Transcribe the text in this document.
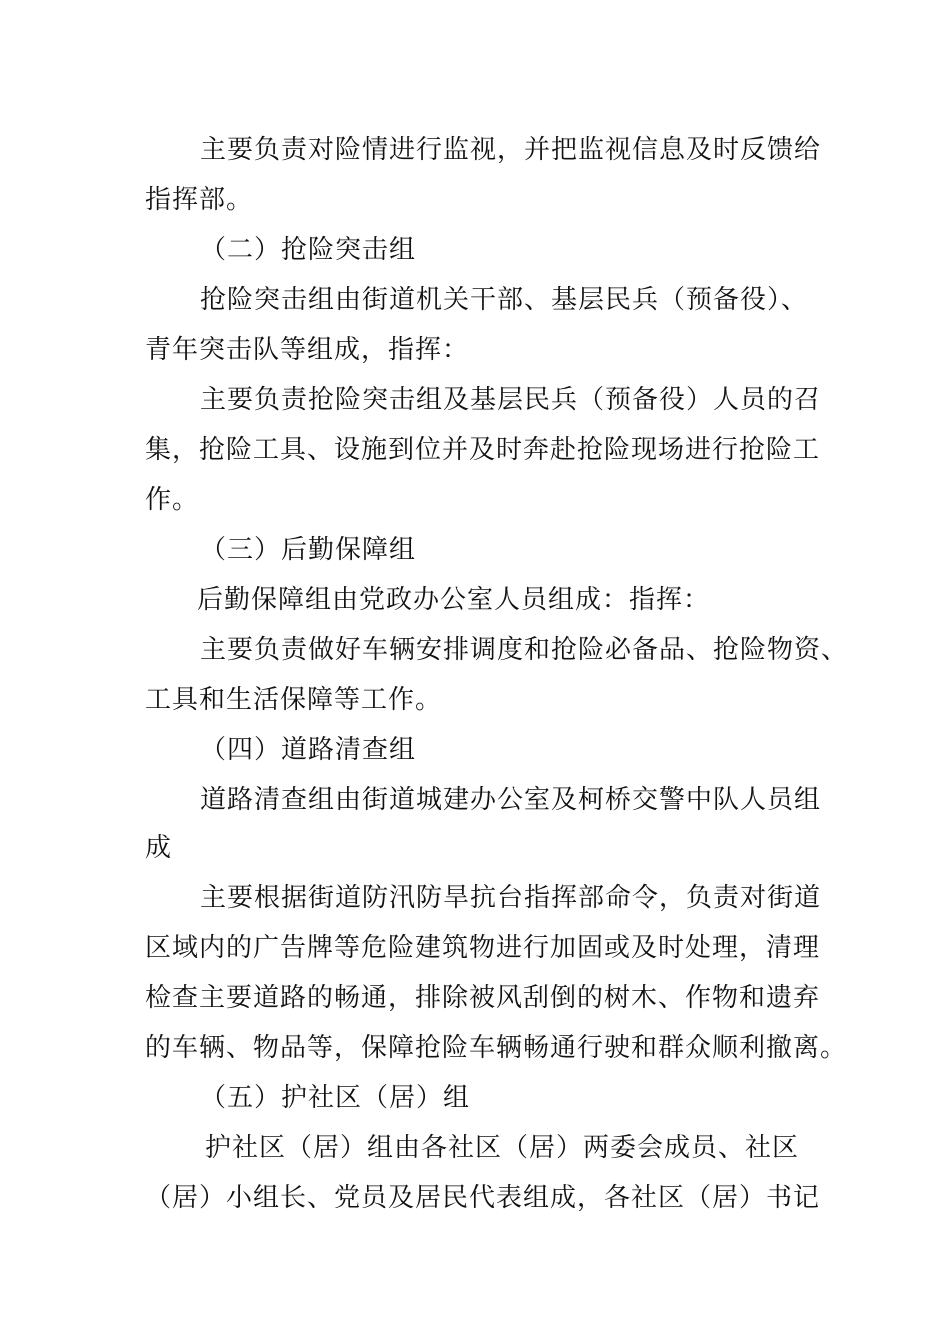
主要负责对险情进行监视，并把监视信息及时反馈给
指挥部。
（二）抢险突击组
抢险突击组由街道机关干部、基层民兵（预备役）、
青年突击队等组成，指挥：
主要负责抢险突击组及基层民兵（预备役）人员的召
集，抢险工具、设施到位并及时奔赴抢险现场进行抢险工
作。
（三）后勤保障组
后勤保障组由党政办公室人员组成：指挥：
主要负责做好车辆安排调度和抢险必备品、抢险物资、
工具和生活保障等工作。
（四）道路清查组
道路清查组由街道城建办公室及柯桥交警中队人员组
成
主要根据街道防汛防旱抗台指挥部命令，负责对街道
区域内的广告牌等危险建筑物进行加固或及时处理，清理
检查主要道路的畅通，排除被风刮倒的树木、作物和遗弃
的车辆、物品等，保障抢险车辆畅通行驶和群众顺利撤离。
（五）护社区（居）组
护社区（居）组由各社区（居）两委会成员、社区
（居）小组长、党员及居民代表组成，各社区（居）书记
